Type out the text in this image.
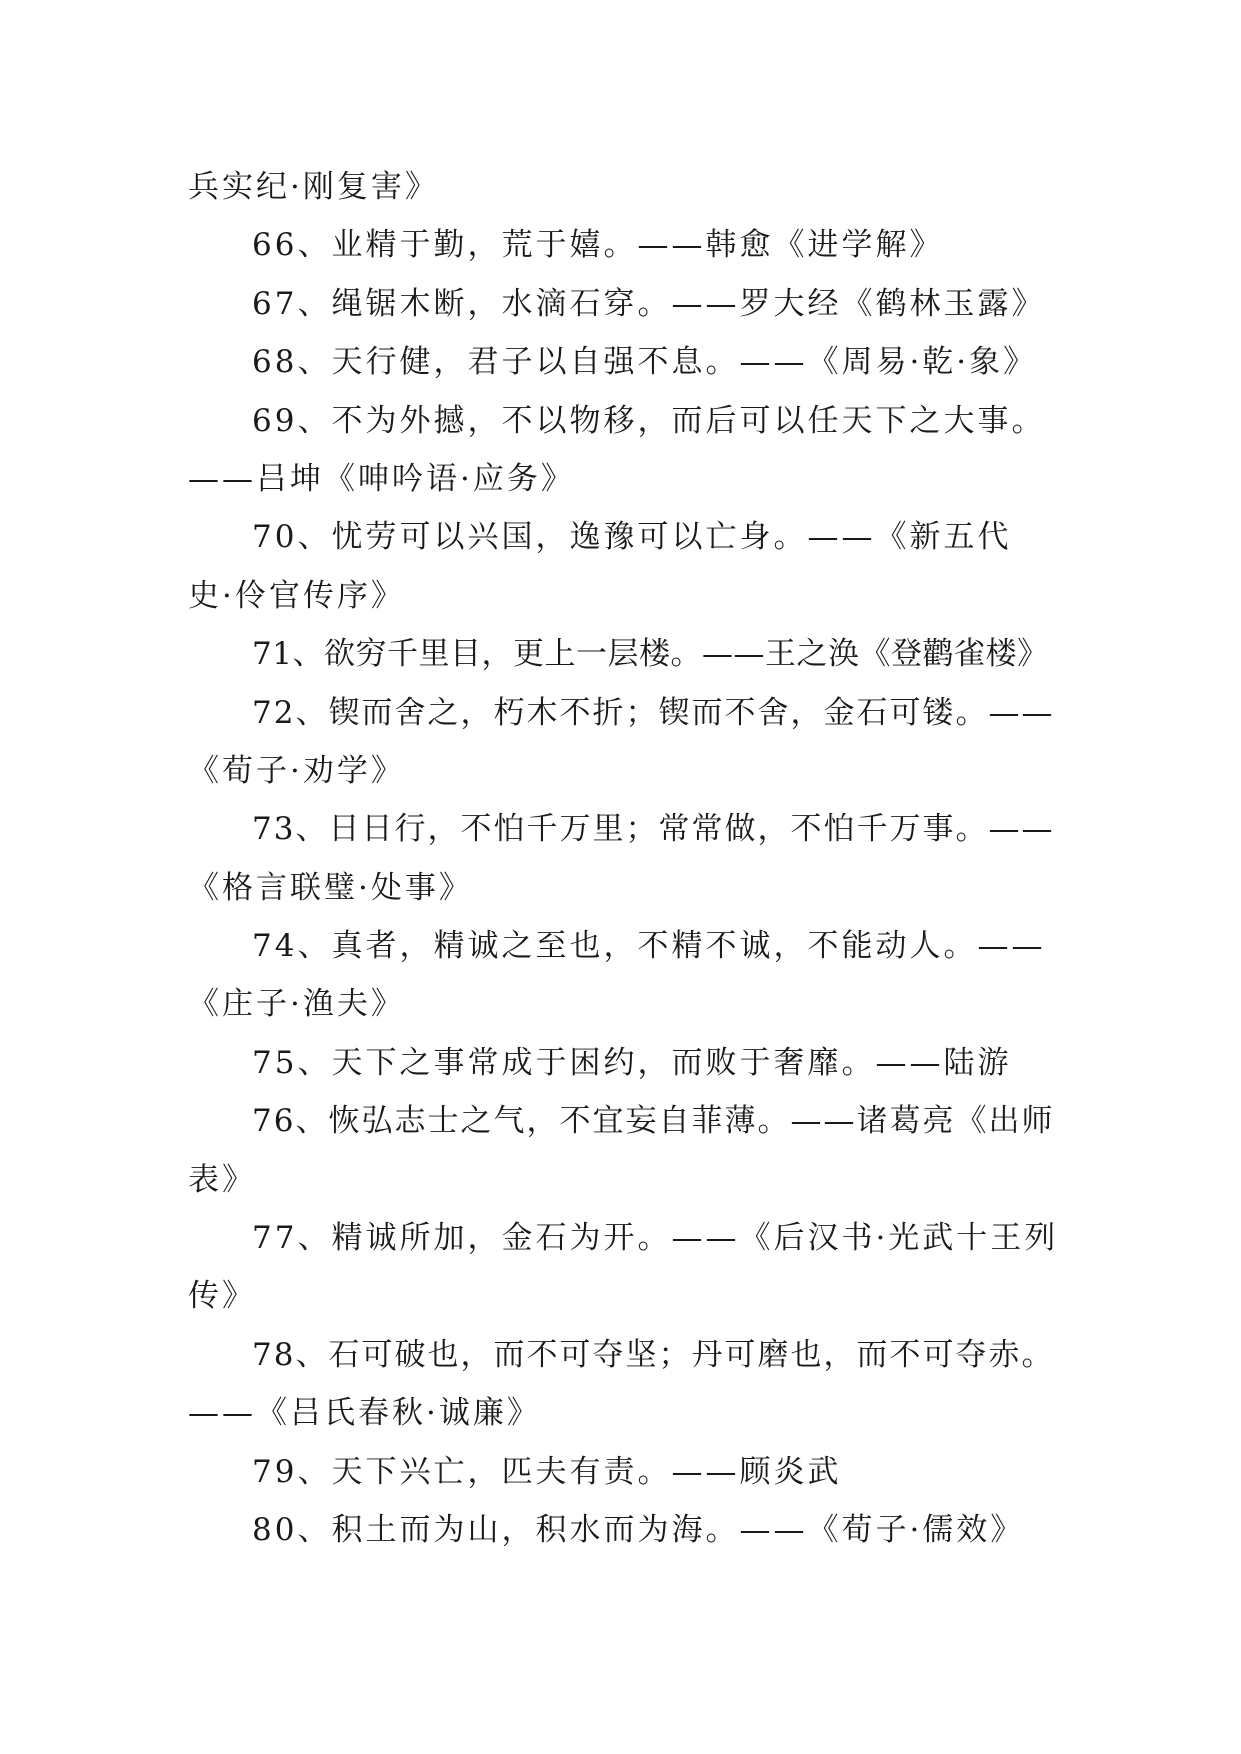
兵实纪·刚复害》
66、业精于勤，荒于嬉。——韩愈《进学解》
67、绳锯木断，水滴石穿。——罗大经《鹤林玉露》
68、天行健，君子以自强不息。——《周易·乾·象》
69、不为外撼，不以物移，而后可以任天下之大事。
——吕坤《呻吟语·应务》
70、忧劳可以兴国，逸豫可以亡身。——《新五代
史·伶官传序》
71、欲穷千里目，更上一层楼。——王之涣《登鹳雀楼》
72、锲而舍之，朽木不折；锲而不舍，金石可镂。——
《荀子·劝学》
73、日日行，不怕千万里；常常做，不怕千万事。——
《格言联璧·处事》
74、真者，精诚之至也，不精不诚，不能动人。——
《庄子·渔夫》
75、天下之事常成于困约，而败于奢靡。——陆游
76、恢弘志士之气，不宜妄自菲薄。——诸葛亮《出师
表》
77、精诚所加，金石为开。——《后汉书·光武十王列
传》
78、石可破也，而不可夺坚；丹可磨也，而不可夺赤。
——《吕氏春秋·诚廉》
79、天下兴亡，匹夫有责。——顾炎武
80、积土而为山，积水而为海。——《荀子·儒效》
